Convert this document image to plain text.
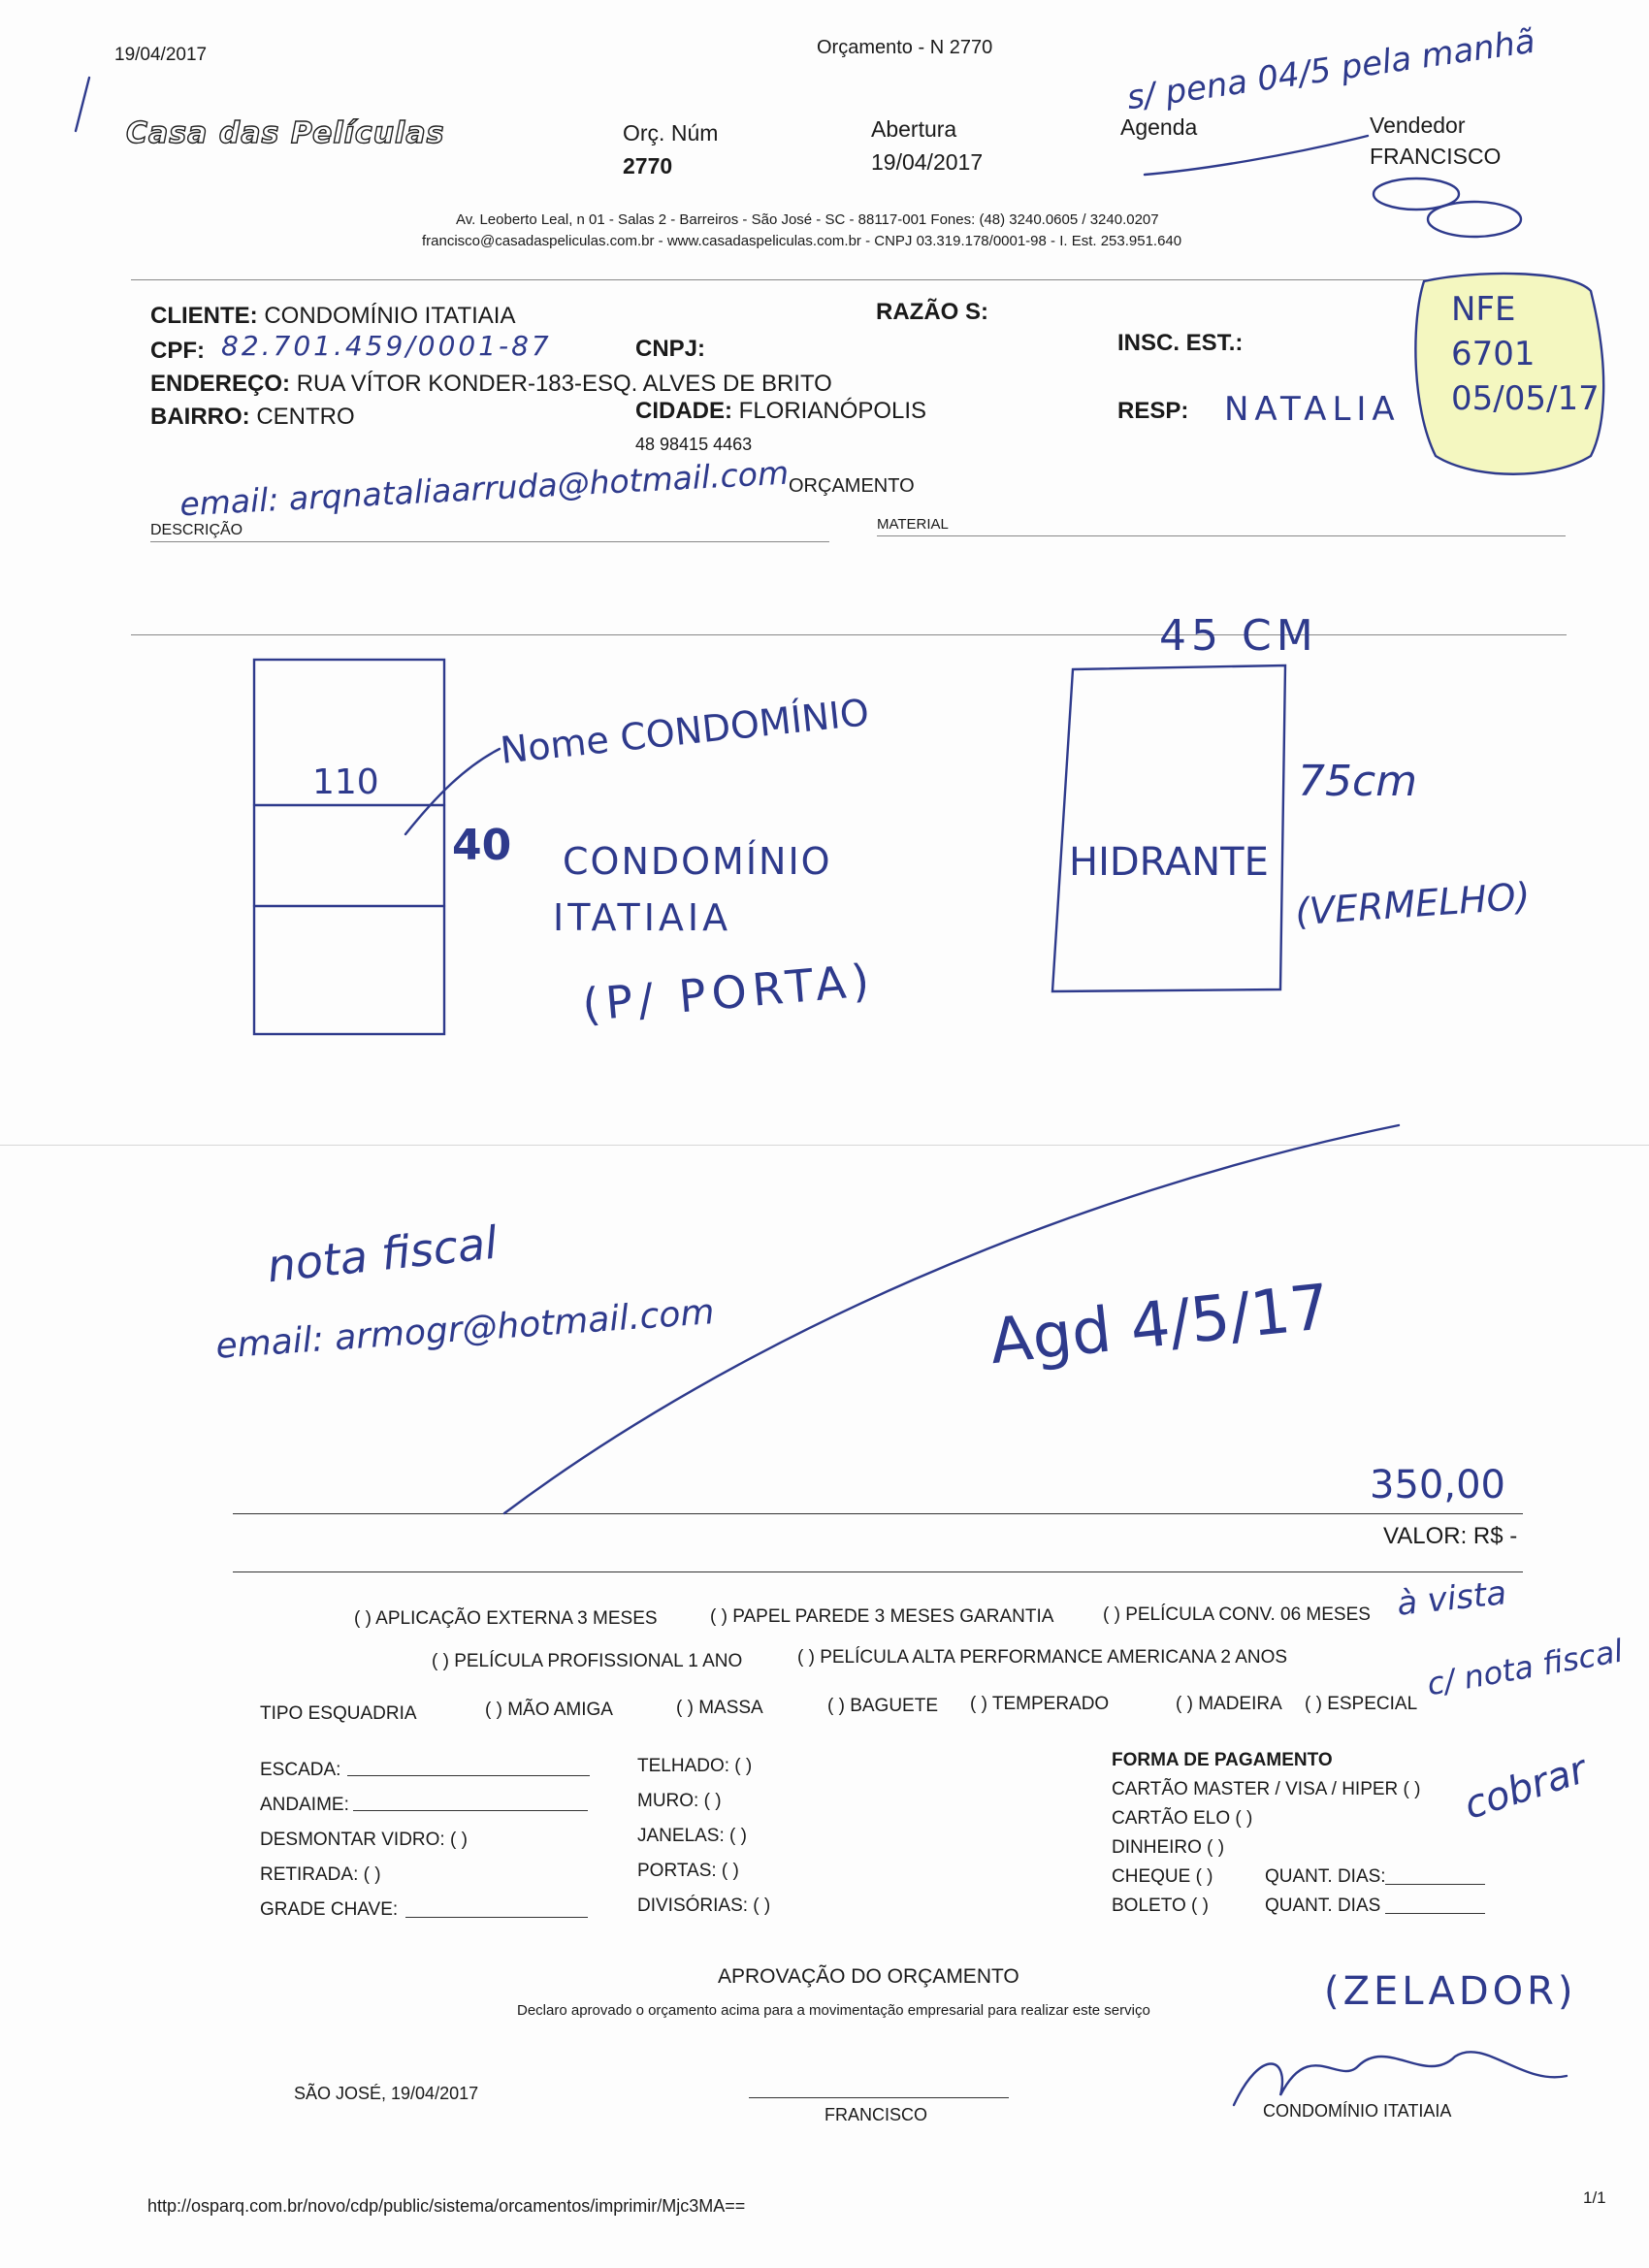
19/04/2017	Orçamento - N 2770
Casa das Películas	Orç. Núm
2770
Abertura
19/04/2017
Agenda	Vendedor
FRANCISCO
Av. Leoberto Leal, n 01 - Salas 2 - Barreiros - São José - SC - 88117-001 Fones: (48) 3240.0605 / 3240.0207
francisco@casadaspeliculas.com.br - www.casadaspeliculas.com.br - CNPJ 03.319.178/0001-98 - I. Est. 253.951.640
CLIENTE: CONDOMÍNIO ITATIAIA	RAZÃO S:
CPF:	CNPJ:	INSC. EST.:
ENDEREÇO: RUA VÍTOR KONDER-183-ESQ. ALVES DE BRITO
BAIRRO: CENTRO	CIDADE: FLORIANÓPOLIS	RESP:
48 98415 4463
ORÇAMENTO
DESCRIÇÃO	MATERIAL
VALOR: R$ -
( ) APLICAÇÃO EXTERNA 3 MESES	( ) PAPEL PAREDE 3 MESES GARANTIA	( ) PELÍCULA CONV. 06 MESES
( ) PELÍCULA PROFISSIONAL 1 ANO	( ) PELÍCULA ALTA PERFORMANCE AMERICANA 2 ANOS
TIPO ESQUADRIA	( ) MÃO AMIGA	( ) MASSA	( ) BAGUETE ( ) TEMPERADO	( ) MADEIRA ( ) ESPECIAL
ESCADA:
ANDAIME:
DESMONTAR VIDRO: ( )
RETIRADA: ( )
GRADE CHAVE:
TELHADO: ( )
MURO: ( )
JANELAS: ( )
PORTAS: ( )
DIVISÓRIAS: ( )
FORMA DE PAGAMENTO
CARTÃO MASTER / VISA / HIPER ( )
CARTÃO ELO ( )
DINHEIRO ( )
CHEQUE ( )	QUANT. DIAS:
BOLETO ( )	QUANT. DIAS
APROVAÇÃO DO ORÇAMENTO
Declaro aprovado o orçamento acima para a movimentação empresarial para realizar este serviço
SÃO JOSÉ, 19/04/2017
FRANCISCO	CONDOMÍNIO ITATIAIA
http://osparq.com.br/novo/cdp/public/sistema/orcamentos/imprimir/Mjc3MA==	1/1
s/ pena 04/5 pela manhã
82.701.459/0001-87
NATALIA
NFE
6701
05/05/17
email: arqnataliaarruda@hotmail.com
45 CM
75cm
HIDRANTE
(VERMELHO)
110
40
Nome CONDOMÍNIO
CONDOMÍNIO
ITATIAIA
(P/ PORTA)
nota fiscal
email: armogr@hotmail.com	Agd 4/5/17
350,00
à vista
c/ nota fiscal
cobrar
(ZELADOR)
